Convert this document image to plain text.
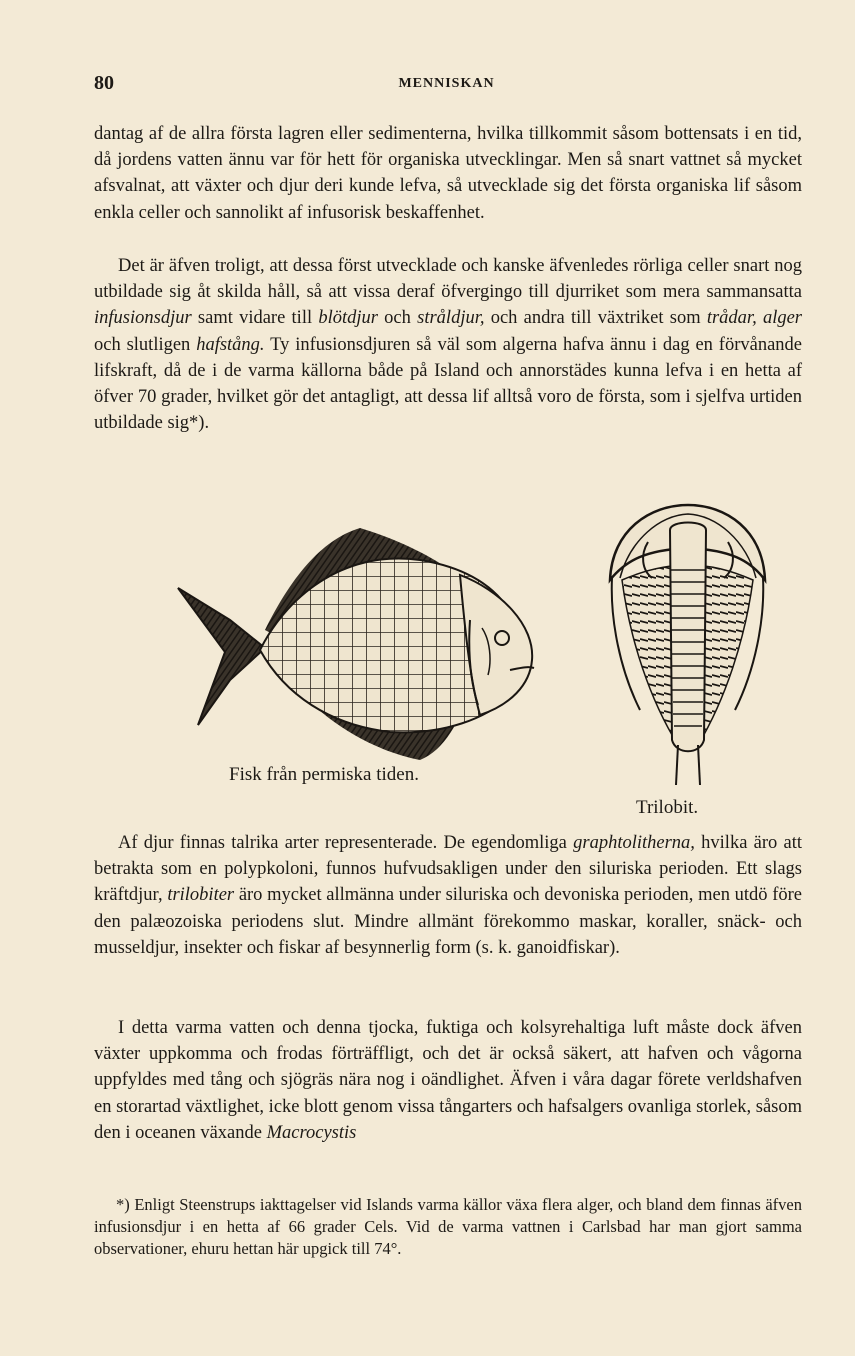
80	MENNISKAN

dantag af de allra första lagren eller sedimenterna, hvilka tillkommit såsom bottensats i en tid, då jordens vatten ännu var för hett för organiska utvecklingar. Men så snart vattnet så mycket afsvalnat, att växter och djur deri kunde lefva, så utvecklade sig det första organiska lif såsom enkla celler och sannolikt af infusorisk beskaffenhet.

Det är äfven troligt, att dessa först utvecklade och kanske äfvenledes rörliga celler snart nog utbildade sig åt skilda håll, så att vissa deraf öfvergingo till djurriket som mera sammansatta infusionsdjur samt vidare till blötdjur och stråldjur, och andra till växtriket som trådar, alger och slutligen hafstång. Ty infusionsdjuren så väl som algerna hafva ännu i dag en förvånande lifskraft, då de i de varma källorna både på Island och annorstädes kunna lefva i en hetta af öfver 70 grader, hvilket gör det antagligt, att dessa lif alltså voro de första, som i sjelfva urtiden utbildade sig*).

Fisk från permiska tiden.
Trilobit.

Af djur finnas talrika arter representerade. De egendomliga graphtolitherna, hvilka äro att betrakta som en polypkoloni, funnos hufvudsakligen under den siluriska perioden. Ett slags kräftdjur, trilobiter äro mycket allmänna under siluriska och devoniska perioden, men utdö före den palæozoiska periodens slut. Mindre allmänt förekommo maskar, koraller, snäck- och musseldjur, insekter och fiskar af besynnerlig form (s. k. ganoidfiskar).

I detta varma vatten och denna tjocka, fuktiga och kolsyrehaltiga luft måste dock äfven växter uppkomma och frodas förträffligt, och det är också säkert, att hafven och vågorna uppfyldes med tång och sjögräs nära nog i oändlighet. Äfven i våra dagar förete verldshafven en storartad växtlighet, icke blott genom vissa tångarters och hafsalgers ovanliga storlek, såsom den i oceanen växande Macrocystis

*) Enligt Steenstrups iakttagelser vid Islands varma källor växa flera alger, och bland dem finnas äfven infusionsdjur i en hetta af 66 grader Cels. Vid de varma vattnen i Carlsbad har man gjort samma observationer, ehuru hettan här upgick till 74°.
